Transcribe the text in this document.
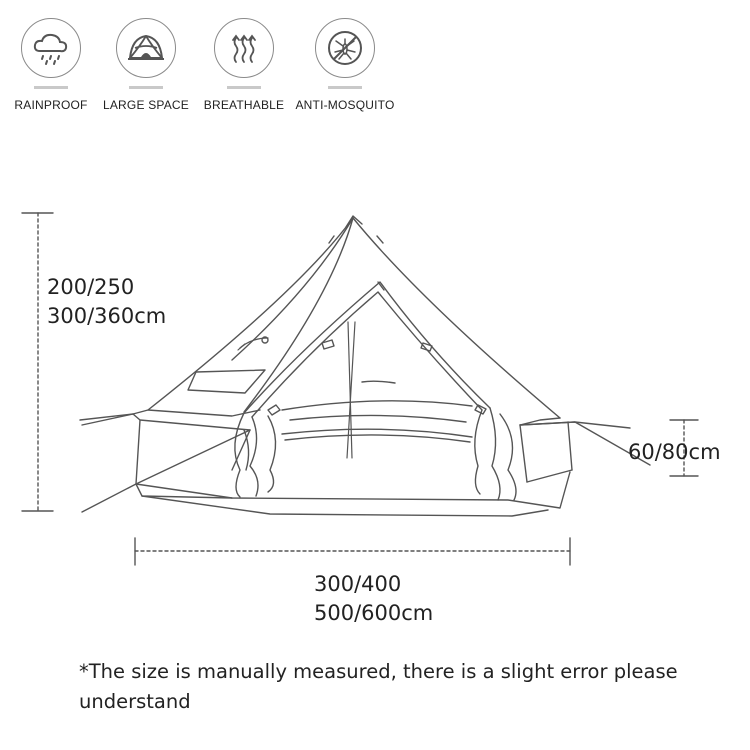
RAINPROOF	LARGE SPACE	BREATHABLE ANTI-MOSQUITO
200/250
300/360cm
60/80cm
300/400
500/600cm
*The size is manually measured, there is a slight error please understand
